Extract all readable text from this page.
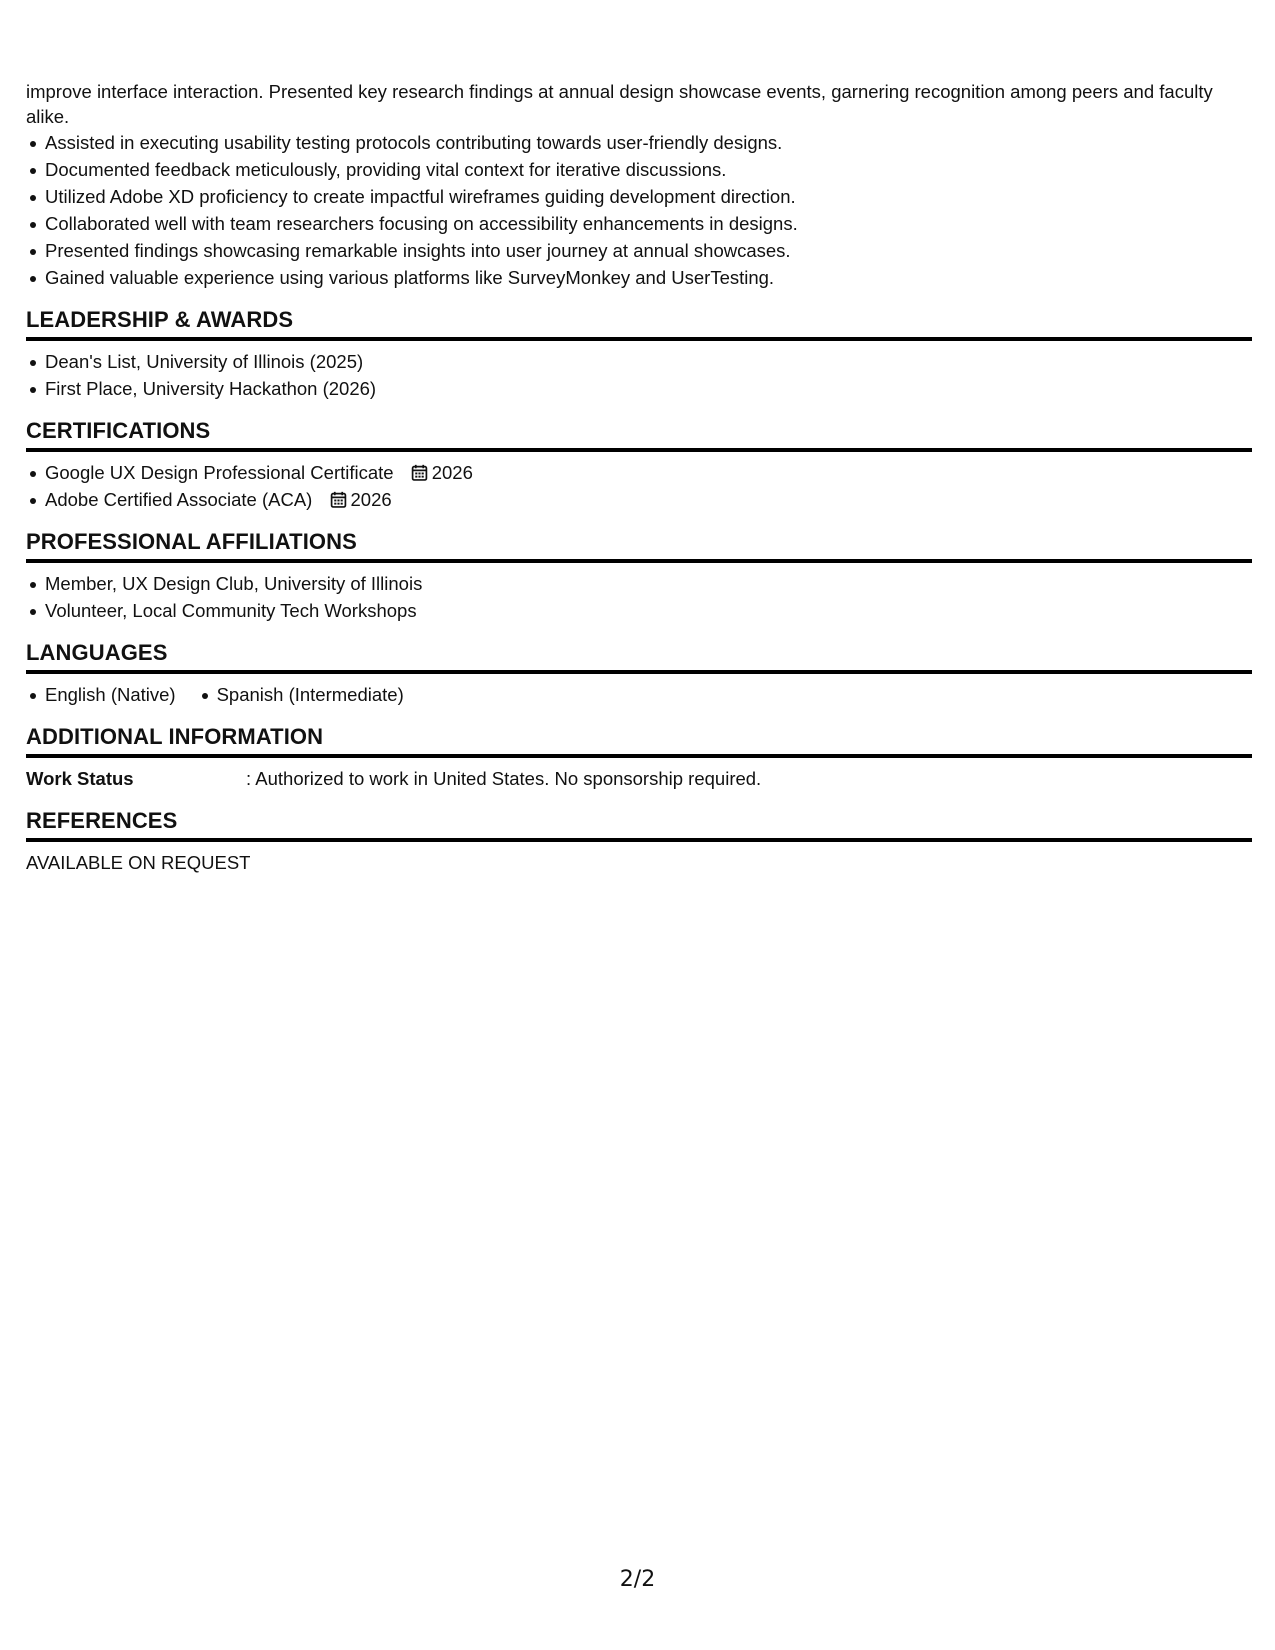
improve interface interaction. Presented key research findings at annual design showcase events, garnering recognition among peers and faculty alike.

Assisted in executing usability testing protocols contributing towards user-friendly designs.
Documented feedback meticulously, providing vital context for iterative discussions.
Utilized Adobe XD proficiency to create impactful wireframes guiding development direction.
Collaborated well with team researchers focusing on accessibility enhancements in designs.
Presented findings showcasing remarkable insights into user journey at annual showcases.
Gained valuable experience using various platforms like SurveyMonkey and UserTesting.
LEADERSHIP & AWARDS
Dean's List, University of Illinois (2025)
First Place, University Hackathon (2026)
CERTIFICATIONS
Google UX Design Professional Certificate 2026
Adobe Certified Associate (ACA) 2026
PROFESSIONAL AFFILIATIONS
Member, UX Design Club, University of Illinois
Volunteer, Local Community Tech Workshops
LANGUAGES
English (Native)	Spanish (Intermediate)
ADDITIONAL INFORMATION
Work Status	: Authorized to work in United States. No sponsorship required.
REFERENCES
AVAILABLE ON REQUEST
2/2
